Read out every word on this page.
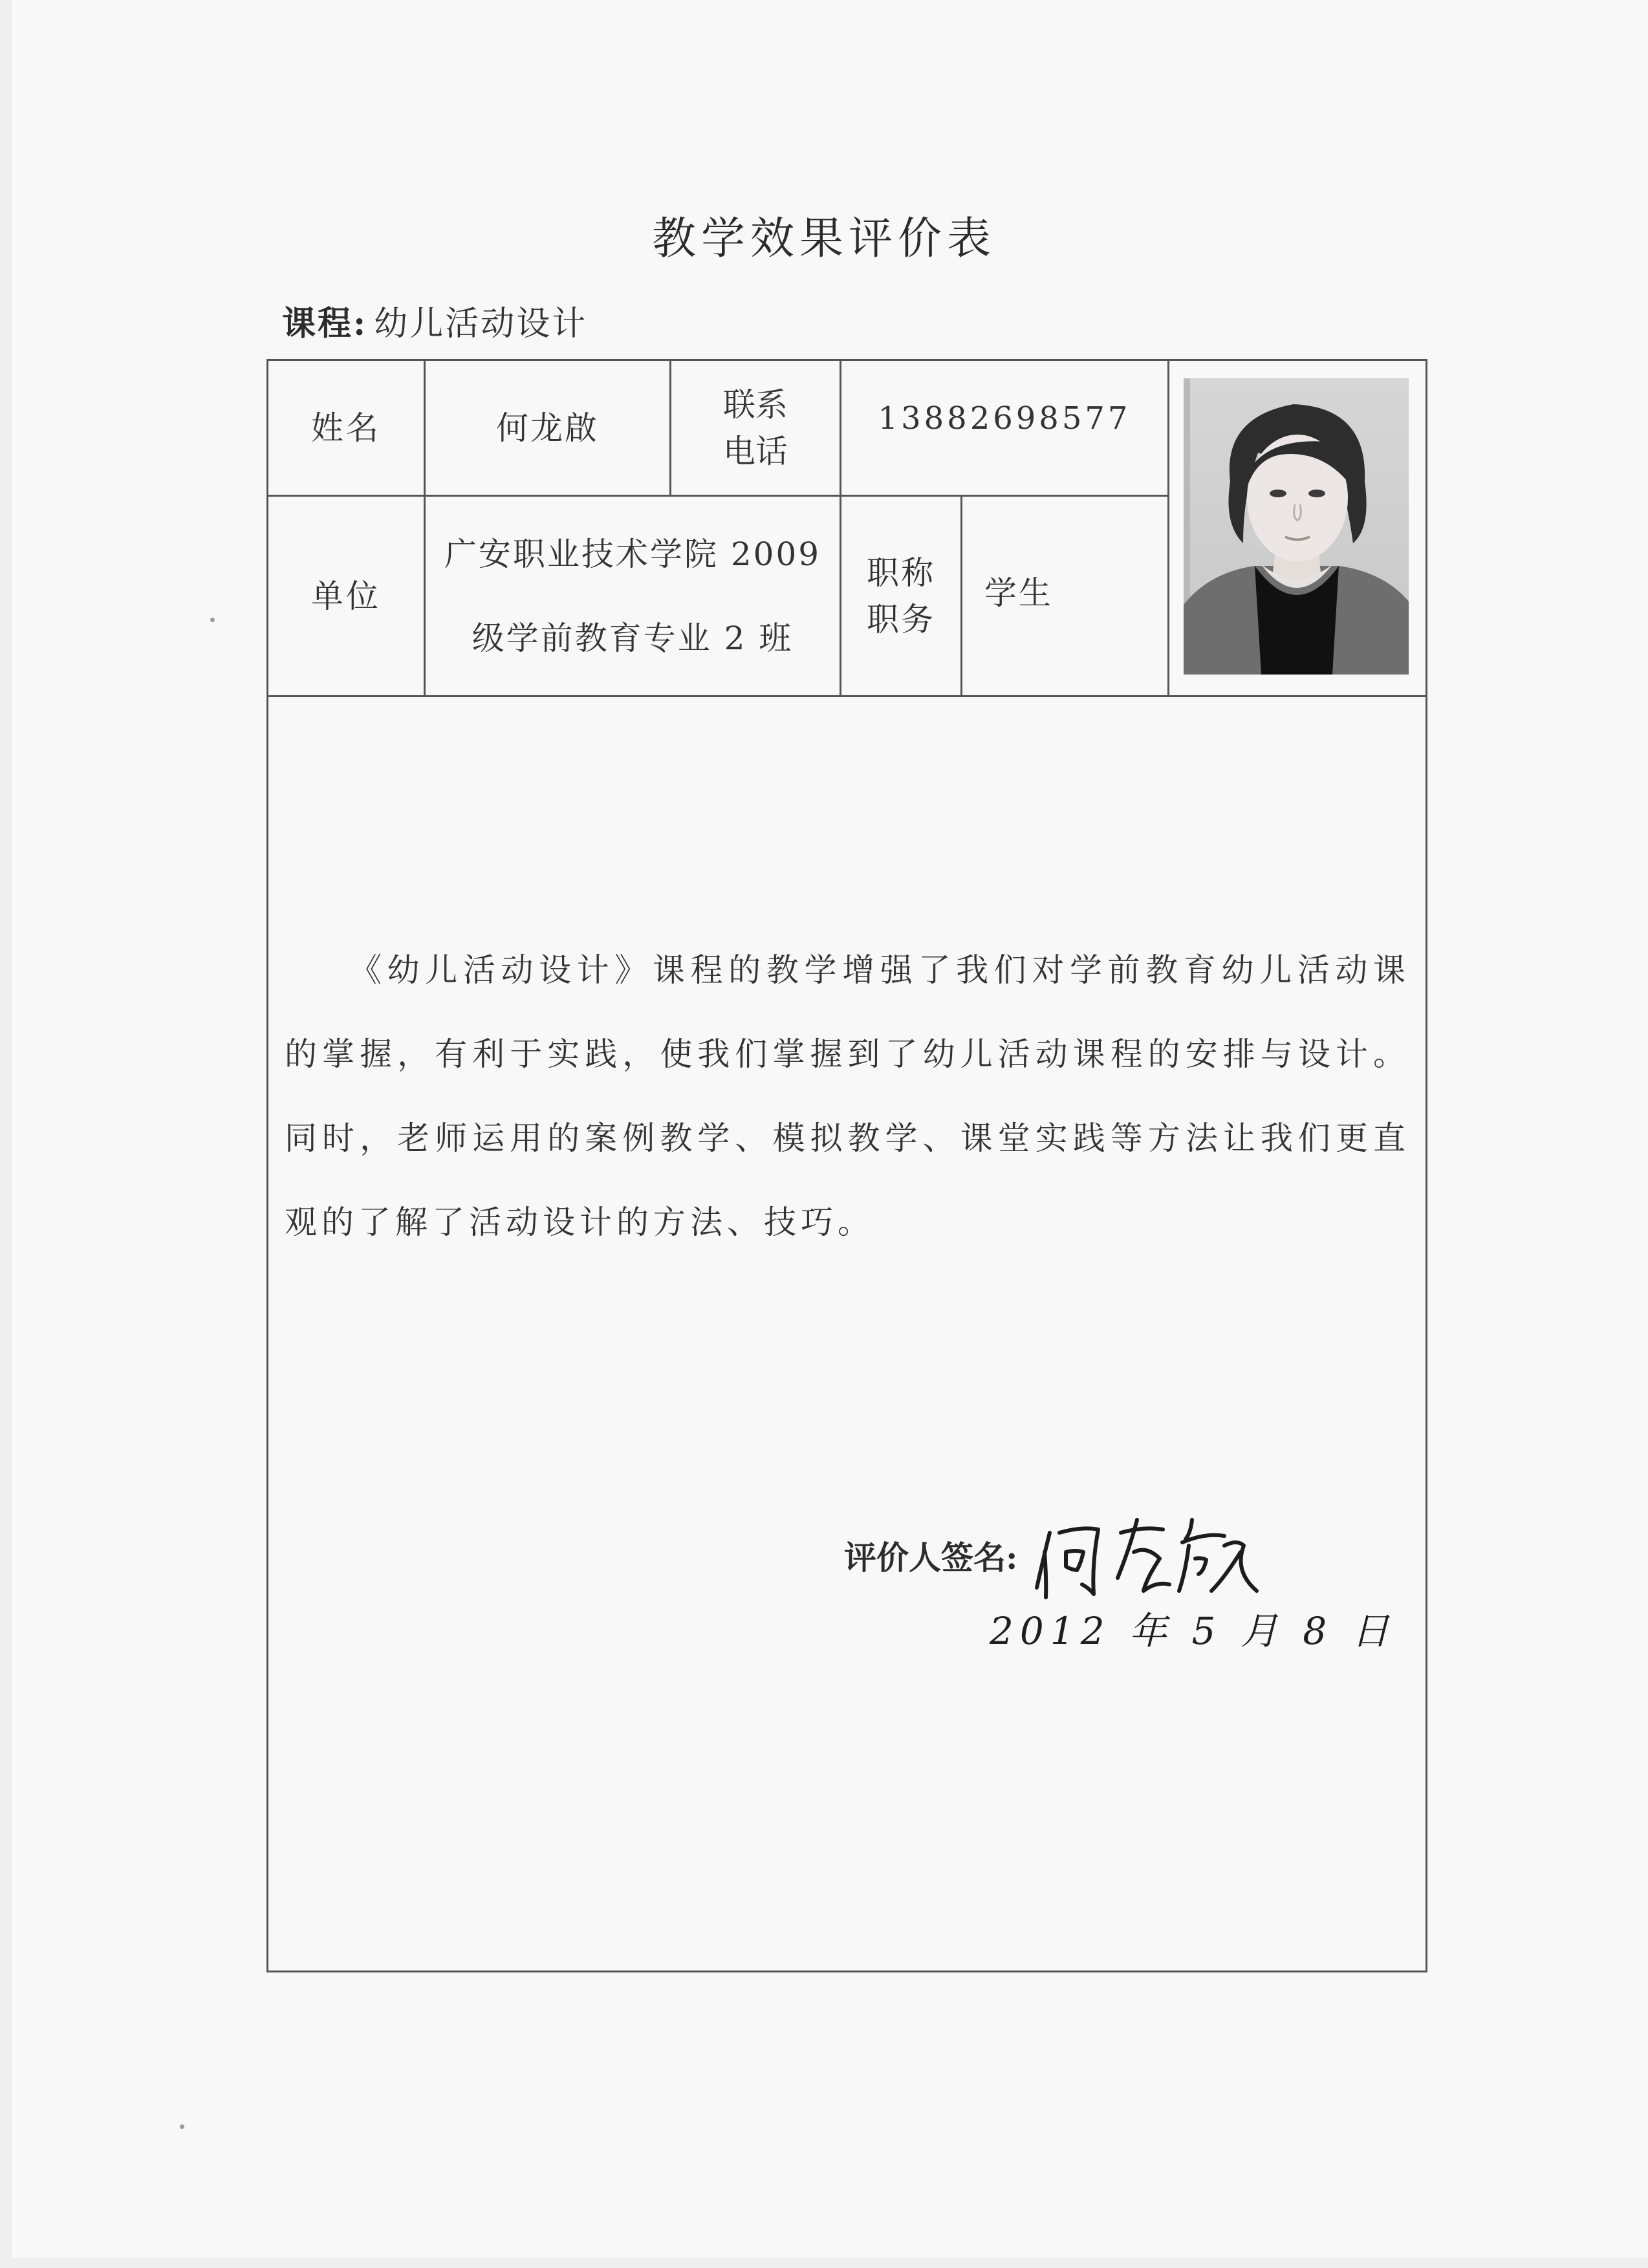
教学效果评价表
课程: 幼儿活动设计
姓名	何龙啟
联系
电话
13882698577
单位
广安职业技术学院 2009
级学前教育专业 2 班
职称
职务
学生
《幼儿活动设计》课程的教学增强了我们对学前教育幼儿活动课的掌握，有利于实践，使我们掌握到了幼儿活动课程的安排与设计。同时，老师运用的案例教学、模拟教学、课堂实践等方法让我们更直观的了解了活动设计的方法、技巧。
评价人签名:
2012 年 5 月 8 日
